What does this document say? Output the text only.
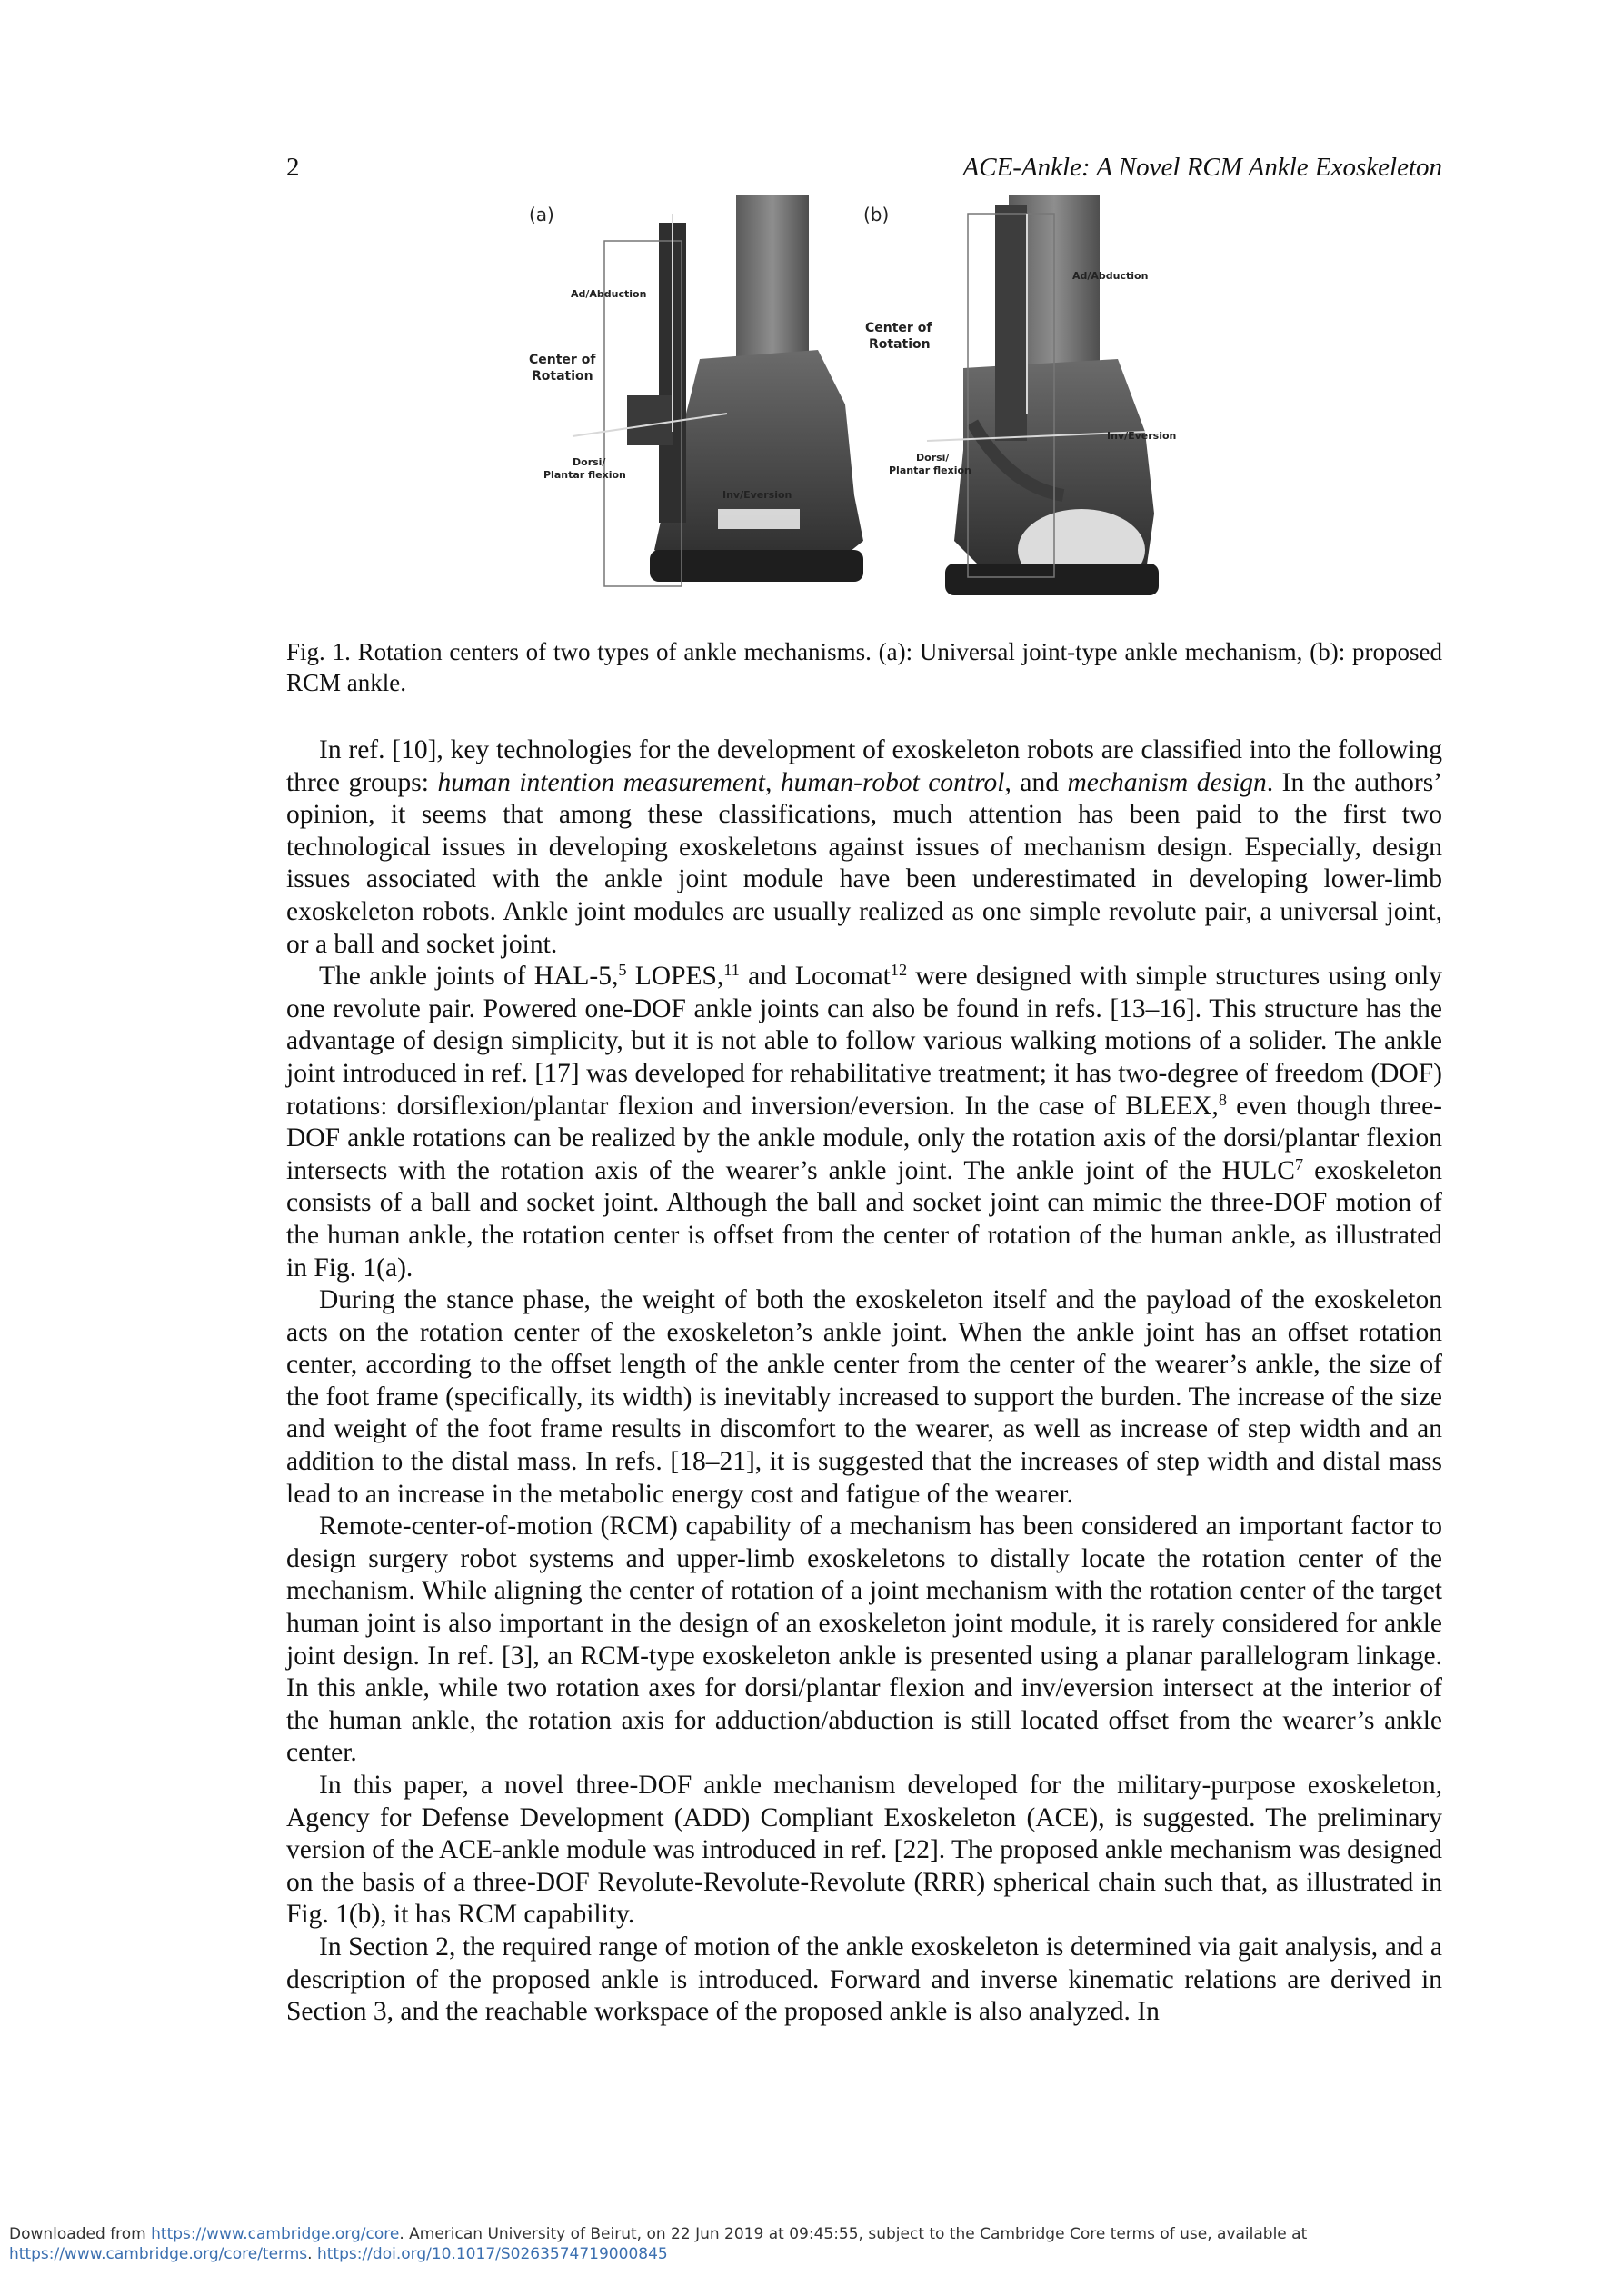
2	ACE-Ankle: A Novel RCM Ankle Exoskeleton
(a)
Ad/Abduction
Center of
Rotation
Dorsi/
Plantar flexion
Inv/Eversion
(b)
Ad/Abduction
Center of
Rotation
Dorsi/
Plantar flexion
Inv/Eversion
Fig. 1. Rotation centers of two types of ankle mechanisms. (a): Universal joint-type ankle mechanism, (b): proposed RCM ankle.

In ref. [10], key technologies for the development of exoskeleton robots are classified into the following three groups: human intention measurement, human-robot control, and mechanism design. In the authors’ opinion, it seems that among these classifications, much attention has been paid to the first two technological issues in developing exoskeletons against issues of mechanism design. Especially, design issues associated with the ankle joint module have been underestimated in developing lower-limb exoskeleton robots. Ankle joint modules are usually realized as one simple revolute pair, a universal joint, or a ball and socket joint.

The ankle joints of HAL-5,$^5$ LOPES,$^{11}$ and Locomat$^{12}$ were designed with simple structures using only one revolute pair. Powered one-DOF ankle joints can also be found in refs. [13–16]. This structure has the advantage of design simplicity, but it is not able to follow various walking motions of a solider. The ankle joint introduced in ref. [17] was developed for rehabilitative treatment; it has two-degree of freedom (DOF) rotations: dorsiflexion/plantar flexion and inversion/eversion. In the case of BLEEX,$^8$ even though three-DOF ankle rotations can be realized by the ankle module, only the rotation axis of the dorsi/plantar flexion intersects with the rotation axis of the wearer’s ankle joint. The ankle joint of the HULC$^7$ exoskeleton consists of a ball and socket joint. Although the ball and socket joint can mimic the three-DOF motion of the human ankle, the rotation center is offset from the center of rotation of the human ankle, as illustrated in Fig. 1(a).

During the stance phase, the weight of both the exoskeleton itself and the payload of the exoskeleton acts on the rotation center of the exoskeleton’s ankle joint. When the ankle joint has an offset rotation center, according to the offset length of the ankle center from the center of the wearer’s ankle, the size of the foot frame (specifically, its width) is inevitably increased to support the burden. The increase of the size and weight of the foot frame results in discomfort to the wearer, as well as increase of step width and an addition to the distal mass. In refs. [18–21], it is suggested that the increases of step width and distal mass lead to an increase in the metabolic energy cost and fatigue of the wearer.

Remote-center-of-motion (RCM) capability of a mechanism has been considered an important factor to design surgery robot systems and upper-limb exoskeletons to distally locate the rotation center of the mechanism. While aligning the center of rotation of a joint mechanism with the rotation center of the target human joint is also important in the design of an exoskeleton joint module, it is rarely considered for ankle joint design. In ref. [3], an RCM-type exoskeleton ankle is presented using a planar parallelogram linkage. In this ankle, while two rotation axes for dorsi/plantar flexion and inv/eversion intersect at the interior of the human ankle, the rotation axis for adduction/abduction is still located offset from the wearer’s ankle center.

In this paper, a novel three-DOF ankle mechanism developed for the military-purpose exoskeleton, Agency for Defense Development (ADD) Compliant Exoskeleton (ACE), is suggested. The preliminary version of the ACE-ankle module was introduced in ref. [22]. The proposed ankle mechanism was designed on the basis of a three-DOF Revolute-Revolute-Revolute (RRR) spherical chain such that, as illustrated in Fig. 1(b), it has RCM capability.

In Section 2, the required range of motion of the ankle exoskeleton is determined via gait analysis, and a description of the proposed ankle is introduced. Forward and inverse kinematic relations are derived in Section 3, and the reachable workspace of the proposed ankle is also analyzed. In

Downloaded from https://www.cambridge.org/core. American University of Beirut, on 22 Jun 2019 at 09:45:55, subject to the Cambridge Core terms of use, available at
https://www.cambridge.org/core/terms. https://doi.org/10.1017/S0263574719000845
